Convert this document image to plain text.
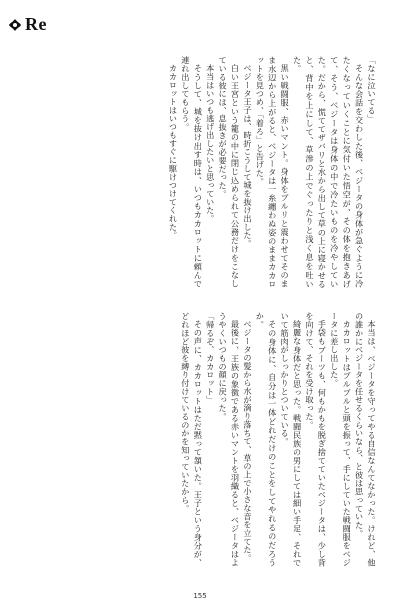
Re

「なに泣いてる」

そんな会話を交わした後、ベジータの身体が急ぐように冷たくなっていくことに気付いた悟空が、その体を抱きあげて、そう、ベジータは身体の中で冷たいものを冷やしていた。だから、慌ててザバリと水から出して草の上に寝かせると、背中を上にして、草滲の上でぐったりと浅く息を吐いた。

黒い戦闘服、赤いマント。身体をブルリと震わせてそのまま水辺から上がると、ベジータは一糸纏わぬ姿のままカカロットを見つめ、「着ろ」と告げた。

ベジータ王子は、時折こうして城を抜け出した。

白い王宮という籠の中に閉じ込められて公務だけをこなしている彼には、息抜きが必要だった。

本当はいつも逃げ出したいと思っていた。

そうして、城を抜け出す時は、いつもカカロットに頼んで連れ出してもらう。

カカロットはいつもすぐに駆けつけてくれた。

本当は、ベジータを守ってやる自信なんてなかった。けれど、他の誰かにベジータを任せるくらいなら、と彼は思っていた。

カカロットはブルブルと頭を振って、手にしていた戦闘服をベジータに差し出した。

手袋もブーツも、何もかもを脱ぎ捨てていたベジータは、少し背を向けて、それを受け取った。

綺麗な身体だと思った。戦闘民族の男にしては細い手足、それでいて筋肉がしっかりとついている。

その身体に、自分は一体どれだけのことをしてやれるのだろうか。

ベジータの髪から水が滴り落ちて、草の上で小さな音を立てた。

最後に、王族の象徴である赤いマントを羽織ると、ベジータはようやくいつもの顔に戻った。

「帰るぞ、カカロット」

その声に、カカロットはただ黙って頷いた。王子という身分が、どれほど彼を縛り付けているのかを知っていたから。

155
